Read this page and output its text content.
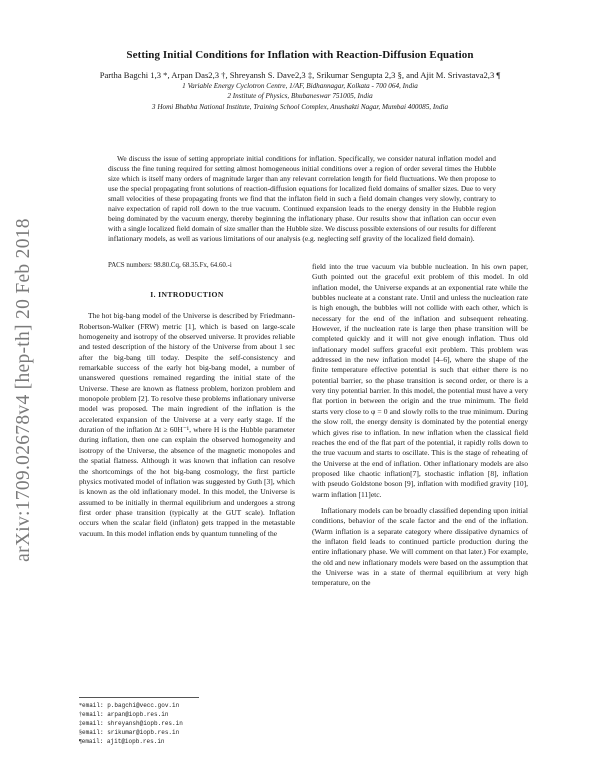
arXiv:1709.02678v4 [hep-th] 20 Feb 2018
Setting Initial Conditions for Inflation with Reaction-Diffusion Equation
Partha Bagchi 1,3 *, Arpan Das2,3 †, Shreyansh S. Dave2,3 ‡, Srikumar Sengupta 2,3 §, and Ajit M. Srivastava2,3 ¶
1 Variable Energy Cyclotron Centre, 1/AF, Bidhannagar, Kolkata - 700 064, India
2 Institute of Physics, Bhubaneswar 751005, India
3 Homi Bhabha National Institute, Training School Complex, Anushakti Nagar, Mumbai 400085, India
We discuss the issue of setting appropriate initial conditions for inflation. Specifically, we consider natural inflation model and discuss the fine tuning required for setting almost homogeneous initial conditions over a region of order several times the Hubble size which is itself many orders of magnitude larger than any relevant correlation length for field fluctuations. We then propose to use the special propagating front solutions of reaction-diffusion equations for localized field domains of smaller sizes. Due to very small velocities of these propagating fronts we find that the inflaton field in such a field domain changes very slowly, contrary to naive expectation of rapid roll down to the true vacuum. Continued expansion leads to the energy density in the Hubble region being dominated by the vacuum energy, thereby beginning the inflationary phase. Our results show that inflation can occur even with a single localized field domain of size smaller than the Hubble size. We discuss possible extensions of our results for different inflationary models, as well as various limitations of our analysis (e.g. neglecting self gravity of the localized field domain).
PACS numbers: 98.80.Cq, 68.35.Fx, 64.60.-i
I. INTRODUCTION

The hot big-bang model of the Universe is described by Friedmann-Robertson-Walker (FRW) metric [1], which is based on large-scale homogeneity and isotropy of the observed universe. It provides reliable and tested description of the history of the Universe from about 1 sec after the big-bang till today. Despite the self-consistency and remarkable success of the early hot big-bang model, a number of unanswered questions remained regarding the initial state of the Universe. These are known as flatness problem, horizon problem and monopole problem [2]. To resolve these problems inflationary universe model was proposed. The main ingredient of the inflation is the accelerated expansion of the Universe at a very early stage. If the duration of the inflation Δt ≥ 60H⁻¹, where H is the Hubble parameter during inflation, then one can explain the observed homogeneity and isotropy of the Universe, the absence of the magnetic monopoles and the spatial flatness. Although it was known that inflation can resolve the shortcomings of the hot big-bang cosmology, the first particle physics motivated model of inflation was suggested by Guth [3], which is known as the old inflationary model. In this model, the Universe is assumed to be initially in thermal equilibrium and undergoes a strong first order phase transition (typically at the GUT scale). Inflation occurs when the scalar field (inflaton) gets trapped in the metastable vacuum. In this model inflation ends by quantum tunneling of the

field into the true vacuum via bubble nucleation. In his own paper, Guth pointed out the graceful exit problem of this model. In old inflation model, the Universe expands at an exponential rate while the bubbles nucleate at a constant rate. Until and unless the nucleation rate is high enough, the bubbles will not collide with each other, which is necessary for the end of the inflation and subsequent reheating. However, if the nucleation rate is large then phase transition will be completed quickly and it will not give enough inflation. Thus old inflationary model suffers graceful exit problem. This problem was addressed in the new inflation model [4–6], where the shape of the finite temperature effective potential is such that either there is no potential barrier, so the phase transition is second order, or there is a very tiny potential barrier. In this model, the potential must have a very flat portion in between the origin and the true minimum. The field starts very close to φ = 0 and slowly rolls to the true minimum. During the slow roll, the energy density is dominated by the potential energy which gives rise to inflation. In new inflation when the classical field reaches the end of the flat part of the potential, it rapidly rolls down to the true vacuum and starts to oscillate. This is the stage of reheating of the Universe at the end of inflation. Other inflationary models are also proposed like chaotic inflation[7], stochastic inflation [8], inflation with pseudo Goldstone boson [9], inflation with modified gravity [10], warm inflation [11]etc.

Inflationary models can be broadly classified depending upon initial conditions, behavior of the scale factor and the end of the inflation. (Warm inflation is a separate category where dissipative dynamics of the inflaton field leads to continued particle production during the entire inflationary phase. We will comment on that later.) For example, the old and new inflationary models were based on the assumption that the Universe was in a state of thermal equilibrium at very high temperature, on the

*email: p.bagchi@vecc.gov.in
†email: arpan@iopb.res.in
‡email: shreyansh@iopb.res.in
§email: srikumar@iopb.res.in
¶email: ajit@iopb.res.in
